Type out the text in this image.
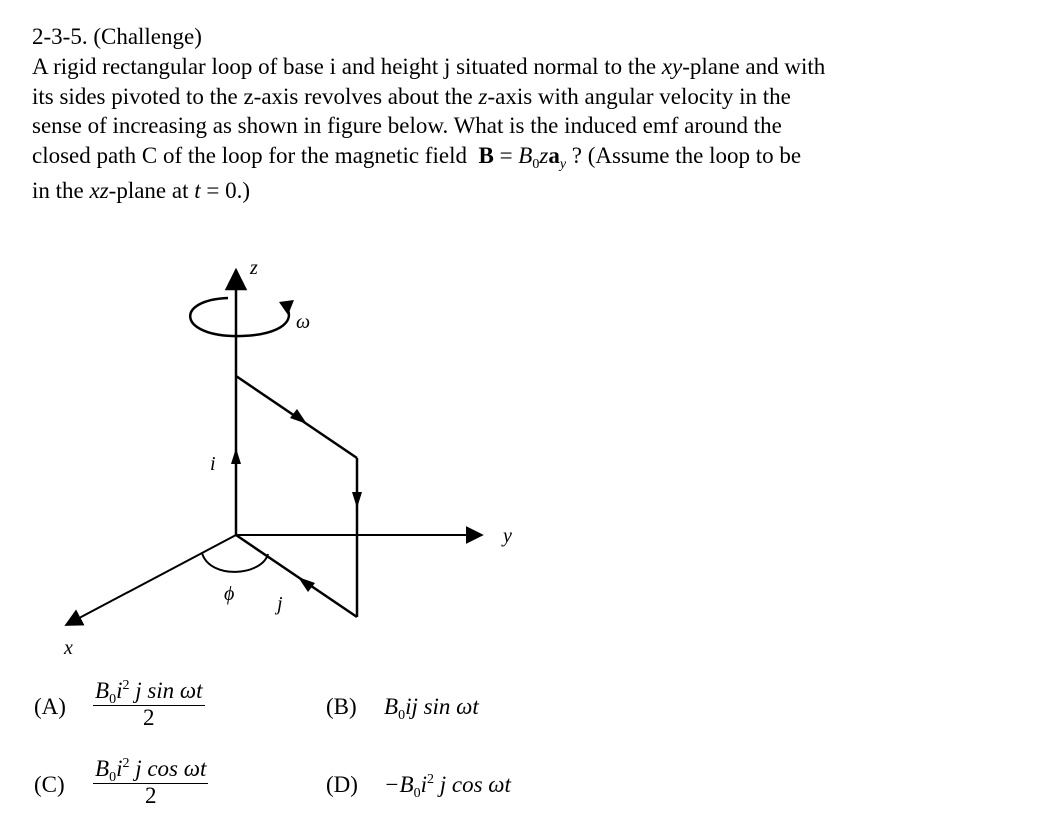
2-3-5. (Challenge)
A rigid rectangular loop of base i and height j situated normal to the xy-plane and with
its sides pivoted to the z-axis revolves about the z-axis with angular velocity in the
sense of increasing as shown in figure below. What is the induced emf around the
closed path C of the loop for the magnetic field $B = B_0za_y$ ? (Assume the loop to be
in the xz-plane at t = 0.)
z
ω
i
y
ϕ j
x
(A)
$B_0i^2$ j sin ωt
2	(B) $B_0ij$ sin ωt
(C)
$B_0i^2$ j cos ωt
2	$(D) -B_0i^2$ j cos ωt
